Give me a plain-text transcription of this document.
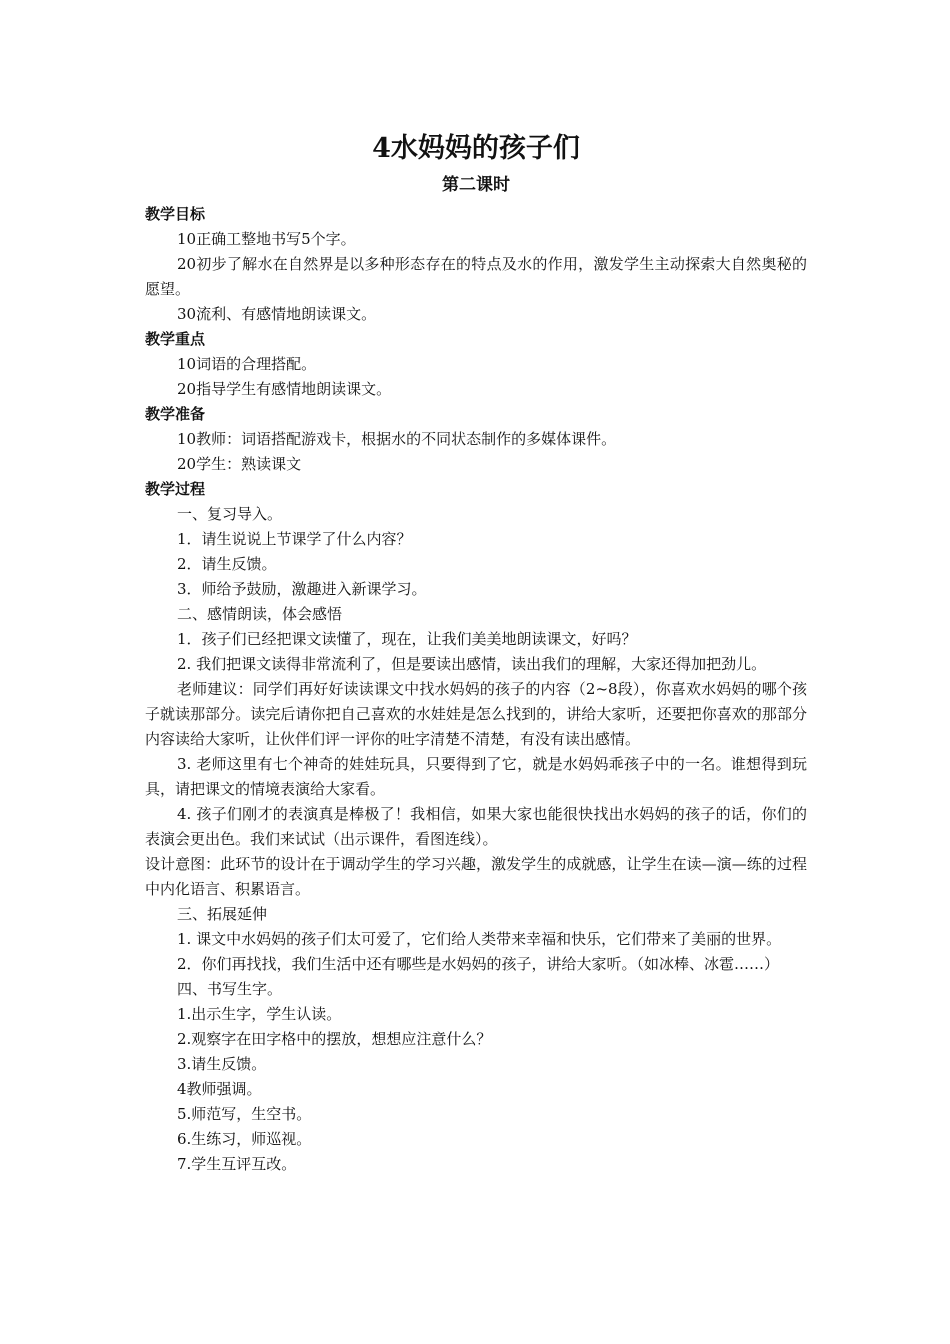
4水妈妈的孩子们
第二课时
教学目标

10正确工整地书写5个字。

20初步了解水在自然界是以多种形态存在的特点及水的作用，激发学生主动探索大自然奥秘的愿望。

30流利、有感情地朗读课文。

教学重点

10词语的合理搭配。

20指导学生有感情地朗读课文。

教学准备

10教师：词语搭配游戏卡，根据水的不同状态制作的多媒体课件。

20学生：熟读课文

教学过程

一、复习导入。

1．请生说说上节课学了什么内容？

2．请生反馈。

3．师给予鼓励，激趣进入新课学习。

二、感情朗读，体会感悟

1．孩子们已经把课文读懂了，现在，让我们美美地朗读课文，好吗？

2. 我们把课文读得非常流利了，但是要读出感情，读出我们的理解，大家还得加把劲儿。

老师建议：同学们再好好读读课文中找水妈妈的孩子的内容（2~8段），你喜欢水妈妈的哪个孩子就读那部分。读完后请你把自己喜欢的水娃娃是怎么找到的，讲给大家听，还要把你喜欢的那部分内容读给大家听，让伙伴们评一评你的吐字清楚不清楚，有没有读出感情。

3. 老师这里有七个神奇的娃娃玩具，只要得到了它，就是水妈妈乖孩子中的一名。谁想得到玩具，请把课文的情境表演给大家看。

4. 孩子们刚才的表演真是棒极了！我相信，如果大家也能很快找出水妈妈的孩子的话，你们的表演会更出色。我们来试试（出示课件，看图连线）。

设计意图：此环节的设计在于调动学生的学习兴趣，激发学生的成就感，让学生在读—演—练的过程中内化语言、积累语言。

三、拓展延伸

1. 课文中水妈妈的孩子们太可爱了，它们给人类带来幸福和快乐，它们带来了美丽的世界。

2．你们再找找，我们生活中还有哪些是水妈妈的孩子，讲给大家听。（如冰棒、冰雹……）

四、书写生字。

1.出示生字，学生认读。

2.观察字在田字格中的摆放，想想应注意什么？

3.请生反馈。

4教师强调。

5.师范写，生空书。

6.生练习，师巡视。

7.学生互评互改。
